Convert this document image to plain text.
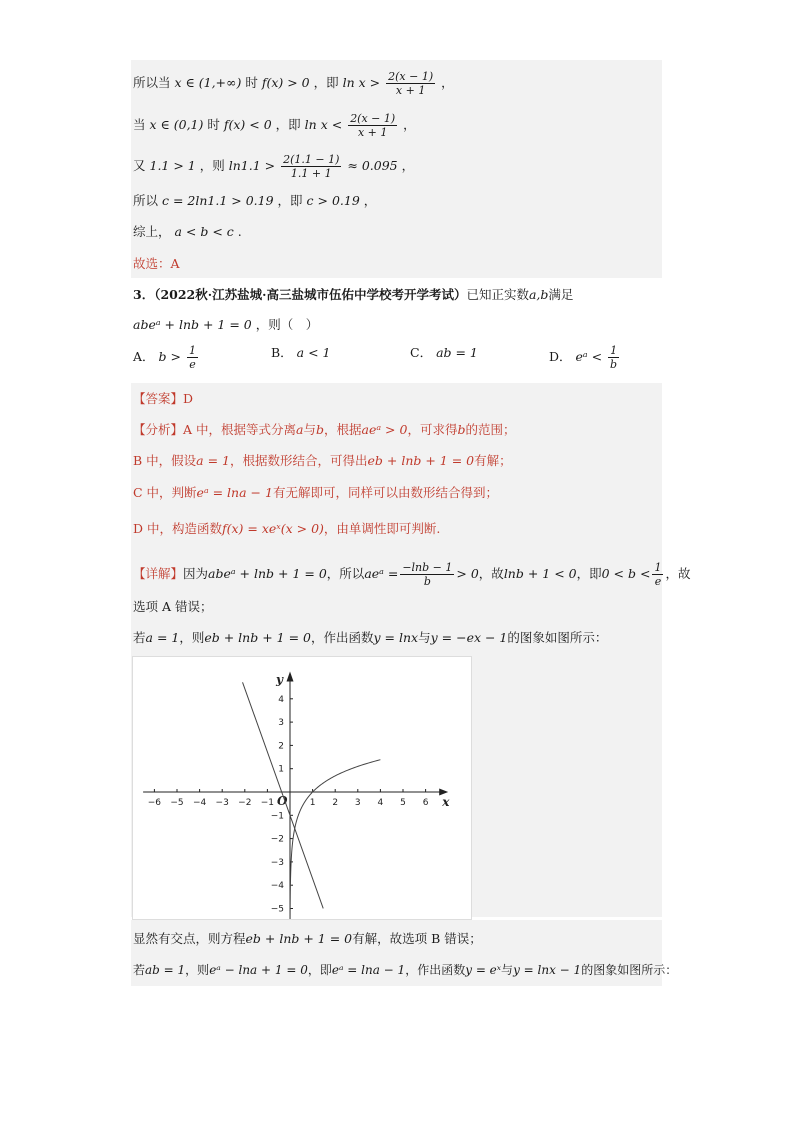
所以当 x ∈ (1,+∞) 时 f(x) > 0 ，即 $\ln x > \frac{2(x - 1)}{x + 1}$ ，
当 x ∈ (0,1) 时 f(x) < 0 ，即 $\ln x < \frac{2(x - 1)}{x + 1}$ ，
又 1.1 > 1 ，则 $\ln 1.1 > \frac{2(1.1 - 1)}{1.1 + 1} \approx 0.095$ ，
所以 c = 2ln1.1 > 0.19 ，即 c > 0.19 ，
综上， a < b < c .
故选：A
3．（2022秋·江苏盐城·高三盐城市伍佑中学校考开学考试）已知正实数a,b满足
abeᵃ + lnb + 1 = 0 ，则（　）
A． $b > \frac{1}{e}$	B． a < 1	C． ab = 1	D． eᵃ < $\frac{1}{b}$
【答案】D
【分析】A 中，根据等式分离a与b，根据aeᵃ > 0，可求得b的范围；
B 中，假设a = 1，根据数形结合，可得出eb + lnb + 1 = 0有解；
C 中，判断eᵃ = lna − 1有无解即可，同样可以由数形结合得到；
D 中，构造函数f(x) = xeˣ(x > 0)，由单调性即可判断.
【详解】因为abeᵃ + lnb + 1 = 0，所以aeᵃ = $\frac{-\ln b - 1}{b} > 0$，故lnb + 1 < 0，即$0 < b < \frac{1}{e}$ ，故
选项 A 错误；
若a = 1，则eb + lnb + 1 = 0，作出函数y = lnx与y = −ex − 1的图象如图所示：
−6 −5 −4 −3 −2 −1	1 2 3 4 5 6
4
3
2
1
−1
−2
−3
−4
−5
x
y
O
显然有交点，则方程eb + lnb + 1 = 0有解，故选项 B 错误；
若ab = 1，则eᵃ − lna + 1 = 0，即eᵃ = lna − 1，作出函数y = eˣ与y = lnx − 1的图象如图所示：
